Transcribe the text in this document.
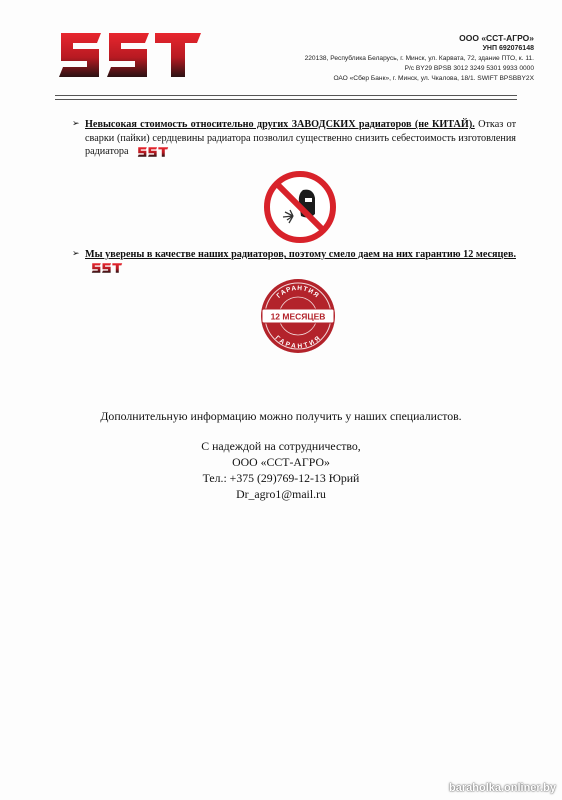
ООО «ССТ-АГРО»
УНП 692076148
220138, Республика Беларусь, г. Минск, ул. Карвата, 72, здание ПТО, к. 11.
Р/с BY29 BPSB 3012 3249 5301 9933 0000
ОАО «Сбер Банк», г. Минск, ул. Чкалова, 18/1. SWIFT BPSBBY2X
➢ Невысокая стоимость относительно других ЗАВОДСКИХ радиаторов (не КИТАЙ). Отказ от сварки (пайки) сердцевины радиатора позволил существенно снизить себестоимость изготовления радиатора
➢ Мы уверены в качестве наших радиаторов, поэтому смело даем на них гарантию 12 месяцев.
ГАРАНТИЯ
ГАРАНТИЯ
12 МЕСЯЦЕВ
Дополнительную информацию можно получить у наших специалистов.
С надеждой на сотрудничество,
ООО «ССТ-АГРО»
Тел.: +375 (29)769-12-13 Юрий
Dr_agro1@mail.ru
baraholka.onliner.by
